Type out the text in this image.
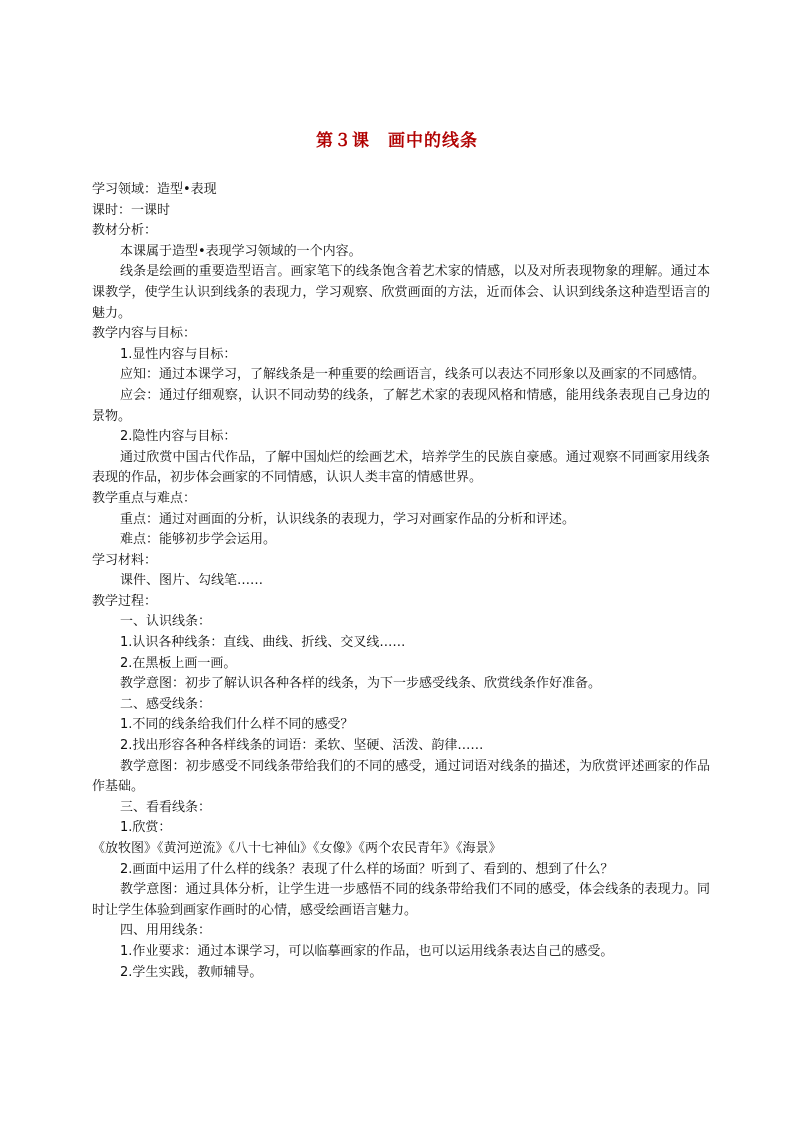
第３课　画中的线条

学习领域：造型•表现

课时：一课时

教材分析：

本课属于造型•表现学习领域的一个内容。

线条是绘画的重要造型语言。画家笔下的线条饱含着艺术家的情感，以及对所表现物象的理解。通过本课教学，使学生认识到线条的表现力，学习观察、欣赏画面的方法，近而体会、认识到线条这种造型语言的魅力。

教学内容与目标：

1.显性内容与目标：

应知：通过本课学习，了解线条是一种重要的绘画语言，线条可以表达不同形象以及画家的不同感情。

应会：通过仔细观察，认识不同动势的线条，了解艺术家的表现风格和情感，能用线条表现自己身边的景物。

2.隐性内容与目标：

通过欣赏中国古代作品，了解中国灿烂的绘画艺术，培养学生的民族自豪感。通过观察不同画家用线条表现的作品，初步体会画家的不同情感，认识人类丰富的情感世界。

教学重点与难点：

重点：通过对画面的分析，认识线条的表现力，学习对画家作品的分析和评述。

难点：能够初步学会运用。

学习材料：

课件、图片、勾线笔……

教学过程：

一、认识线条：

1.认识各种线条：直线、曲线、折线、交叉线……

2.在黑板上画一画。

教学意图：初步了解认识各种各样的线条，为下一步感受线条、欣赏线条作好准备。

二、感受线条：

1.不同的线条给我们什么样不同的感受？

2.找出形容各种各样线条的词语：柔软、坚硬、活泼、韵律……

教学意图：初步感受不同线条带给我们的不同的感受，通过词语对线条的描述，为欣赏评述画家的作品作基础。

三、看看线条：

1.欣赏：

《放牧图》《黄河逆流》《八十七神仙》《女像》《两个农民青年》《海景》

2.画面中运用了什么样的线条？表现了什么样的场面？听到了、看到的、想到了什么？

教学意图：通过具体分析，让学生进一步感悟不同的线条带给我们不同的感受，体会线条的表现力。同时让学生体验到画家作画时的心情，感受绘画语言魅力。

四、用用线条：

1.作业要求：通过本课学习，可以临摹画家的作品，也可以运用线条表达自己的感受。

2.学生实践，教师辅导。
